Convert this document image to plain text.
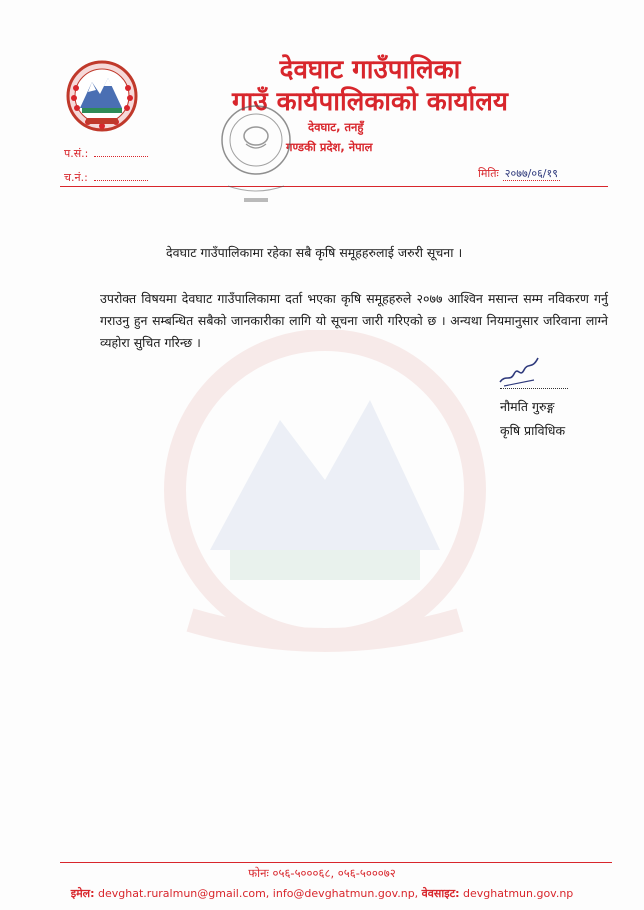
देवघाट गाउँपालिका
गाउँ कार्यपालिकाको कार्यालय
देवघाट, तनहुँ
गण्डकी प्रदेश, नेपाल
प.सं.:
च.नं.:	मितिः २०७७/०६/१९
देवघाट गाउँपालिकामा रहेका सबै कृषि समूहहरुलाई जरुरी सूचना ।
उपरोक्त विषयमा देवघाट गाउँपालिकामा दर्ता भएका कृषि समूहहरुले २०७७ आश्विन मसान्त सम्म नविकरण गर्नु गराउनु हुन सम्बन्धित सबैको जानकारीका लागि यो सूचना जारी गरिएको छ । अन्यथा नियमानुसार जरिवाना लाग्ने व्यहोरा सुचित गरिन्छ ।
नौमति गुरुङ्ग
कृषि प्राविधिक
फोनः ०५६-५०००६८, ०५६-५०००७२
इमेल: devghat.ruralmun@gmail.com, info@devghatmun.gov.np, वेवसाइट: devghatmun.gov.np
